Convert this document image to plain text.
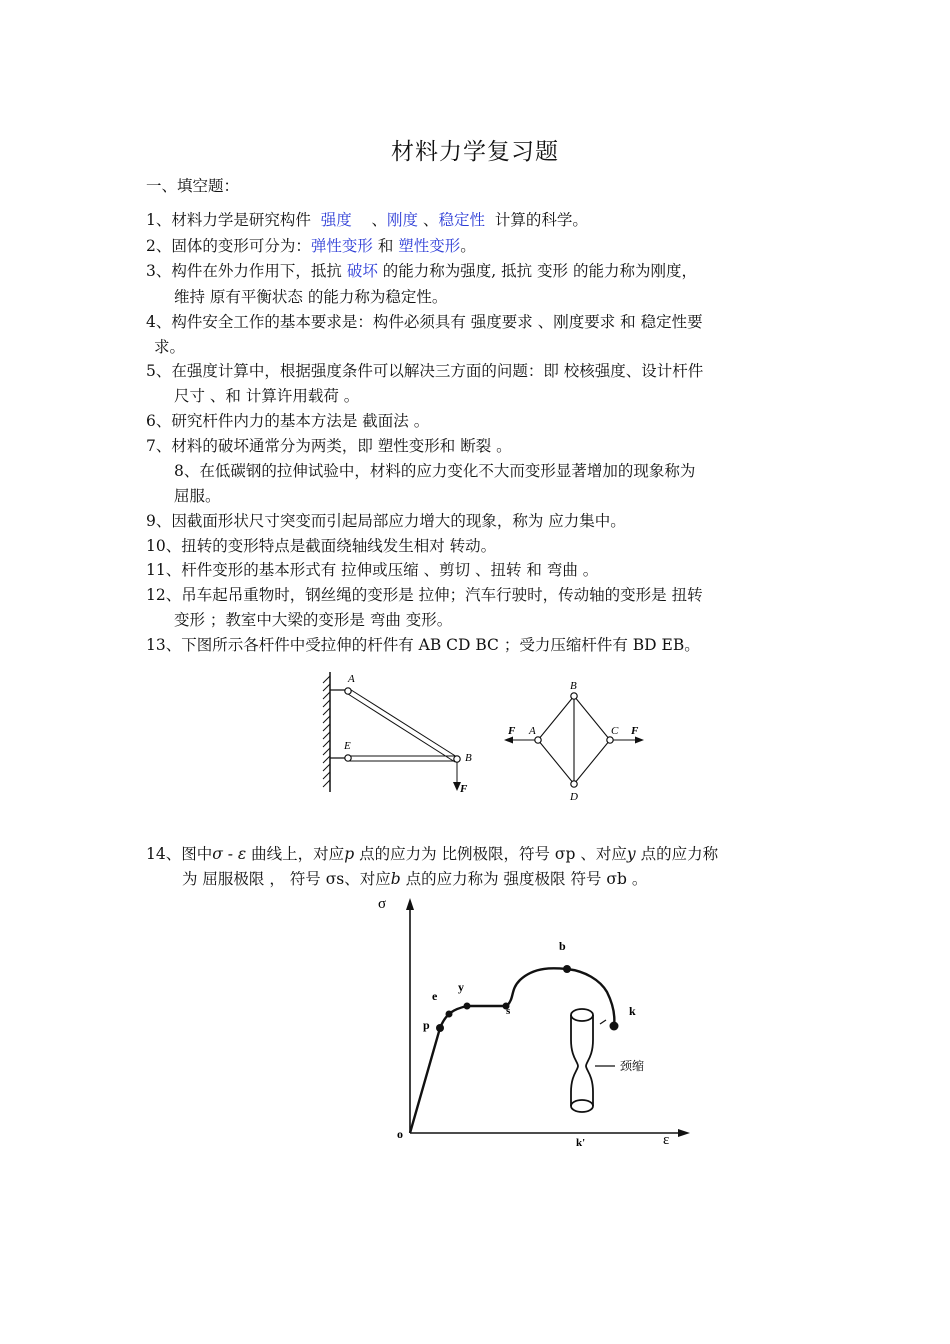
材料力学复习题
一、填空题：
1、材料力学是研究构件 强度 、刚度 、稳定性 计算的科学。
2、固体的变形可分为：弹性变形 和 塑性变形。
3、构件在外力作用下，抵抗 破坏 的能力称为强度, 抵抗 变形 的能力称为刚度，
维持 原有平衡状态 的能力称为稳定性。
4、构件安全工作的基本要求是：构件必须具有 强度要求 、刚度要求 和 稳定性要
求。
5、在强度计算中，根据强度条件可以解决三方面的问题：即 校核强度、设计杆件
尺寸 、和 计算许用载荷 。
6、研究杆件内力的基本方法是 截面法 。
7、材料的破坏通常分为两类，即 塑性变形和 断裂 。
8、在低碳钢的拉伸试验中，材料的应力变化不大而变形显著增加的现象称为
屈服。
9、因截面形状尺寸突变而引起局部应力增大的现象，称为 应力集中。
10、扭转的变形特点是截面绕轴线发生相对 转动。
11、杆件变形的基本形式有 拉伸或压缩 、剪切 、扭转 和 弯曲 。
12、吊车起吊重物时，钢丝绳的变形是 拉伸；汽车行驶时，传动轴的变形是 扭转
变形 ；教室中大梁的变形是 弯曲 变形。
13、下图所示各杆件中受拉伸的杆件有 AB CD BC ；受力压缩杆件有 BD EB。
A
E
B
F
B
A	C
D
F	F
14、图中σ - ε 曲线上，对应p 点的应力为 比例极限，符号 σp 、对应y 点的应力称
为 屈服极限 ， 符号 σs、对应b 点的应力称为 强度极限 符号 σb 。
σ
ε
o
p
e
y
s
b
k
k'
颈缩
